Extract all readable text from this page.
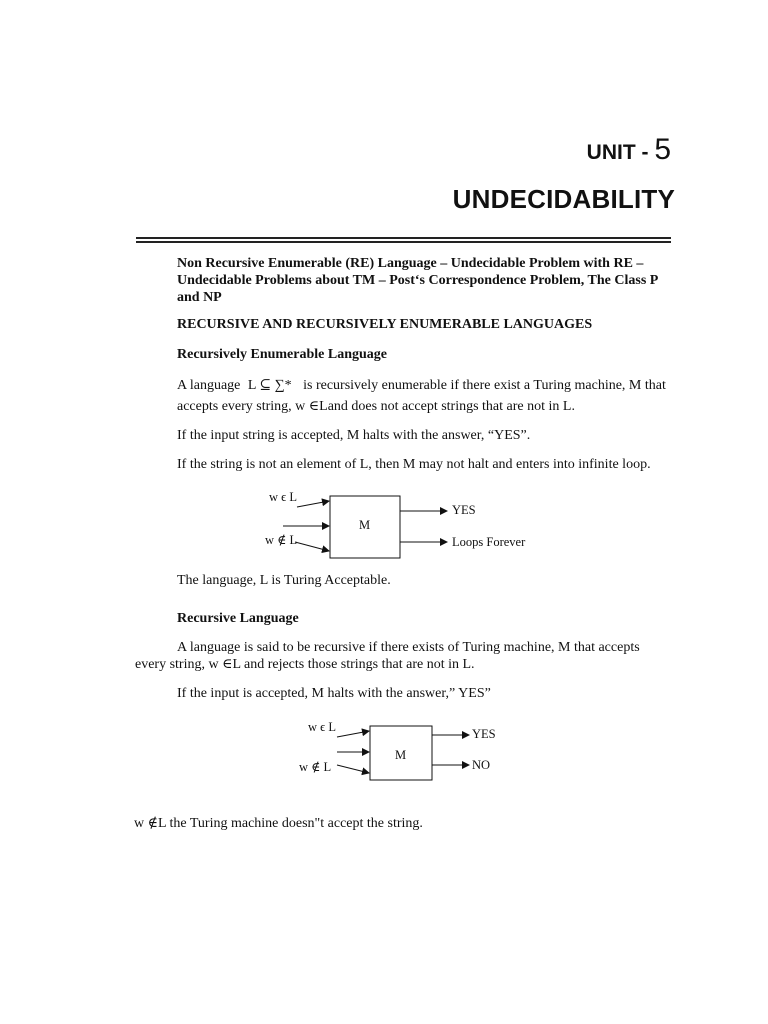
UNIT - 5
UNDECIDABILITY
Non Recursive Enumerable (RE) Language – Undecidable Problem with RE – Undecidable Problems about TM – Post‘s Correspondence Problem, The Class P and NP
RECURSIVE AND RECURSIVELY ENUMERABLE LANGUAGES
Recursively Enumerable Language
A language L ⊆ ∑* is recursively enumerable if there exist a Turing machine, M that
accepts every string, w ∈Land does not accept strings that are not in L.
If the input string is accepted, M halts with the answer, “YES”.
If the string is not an element of L, then M may not halt and enters into infinite loop.
M
w ϵ L
w ∉ L
YES
Loops Forever
The language, L is Turing Acceptable.
Recursive Language
A language is said to be recursive if there exists of Turing machine, M that accepts
every string, w ∈L and rejects those strings that are not in L.
If the input is accepted, M halts with the answer,” YES”
M
w ϵ L
w ∉ L
YES
NO
w ∉L the Turing machine doesn"t accept the string.
